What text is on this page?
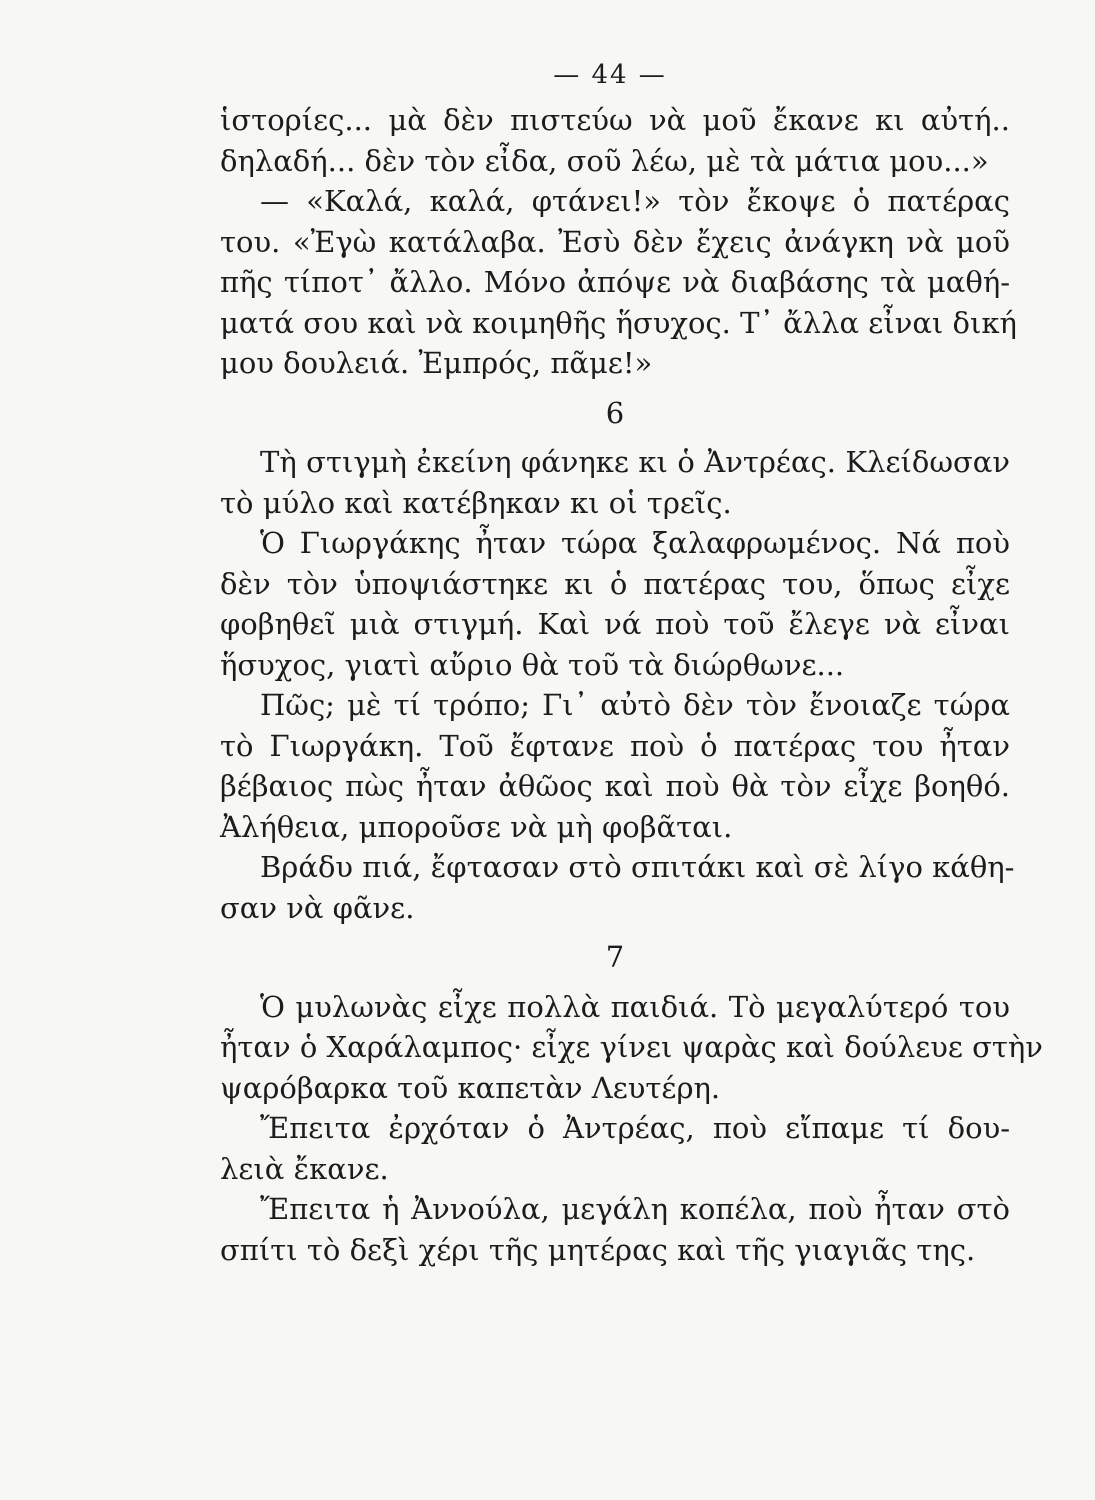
— 44 —
ἱστορίες... μὰ δὲν πιστεύω νὰ μοῦ ἔκανε κι αὐτή..
δηλαδή... δὲν τὸν εἶδα, σοῦ λέω, μὲ τὰ μάτια μου...»
— «Καλά, καλά, φτάνει!» τὸν ἔκοψε ὁ πατέρας
του. «Ἐγὼ κατάλαβα. Ἐσὺ δὲν ἔχεις ἀνάγκη νὰ μοῦ
πῆς τίποτ᾽ ἄλλο. Μόνο ἀπόψε νὰ διαβάσης τὰ μαθή-
ματά σου καὶ νὰ κοιμηθῆς ἥσυχος. Τ᾽ ἄλλα εἶναι δική
μου δουλειά. Ἐμπρός, πᾶμε!»
6
Τὴ στιγμὴ ἐκείνη φάνηκε κι ὁ Ἀντρέας. Κλείδωσαν
τὸ μύλο καὶ κατέβηκαν κι οἱ τρεῖς.
Ὁ Γιωργάκης ἦταν τώρα ξαλαφρωμένος. Νά ποὺ
δὲν τὸν ὑποψιάστηκε κι ὁ πατέρας του, ὅπως εἶχε
φοβηθεῖ μιὰ στιγμή. Καὶ νά ποὺ τοῦ ἔλεγε νὰ εἶναι
ἥσυχος, γιατὶ αὔριο θὰ τοῦ τὰ διώρθωνε...
Πῶς; μὲ τί τρόπο; Γι᾽ αὐτὸ δὲν τὸν ἔνοιαζε τώρα
τὸ Γιωργάκη. Τοῦ ἔφτανε ποὺ ὁ πατέρας του ἦταν
βέβαιος πὼς ἦταν ἀθῶος καὶ ποὺ θὰ τὸν εἶχε βοηθό.
Ἀλήθεια, μποροῦσε νὰ μὴ φοβᾶται.
Βράδυ πιά, ἔφτασαν στὸ σπιτάκι καὶ σὲ λίγο κάθη-
σαν νὰ φᾶνε.
7
Ὁ μυλωνὰς εἶχε πολλὰ παιδιά. Τὸ μεγαλύτερό του
ἦταν ὁ Χαράλαμπος· εἶχε γίνει ψαρὰς καὶ δούλευε στὴν
ψαρόβαρκα τοῦ καπετὰν Λευτέρη.
Ἔπειτα ἐρχόταν ὁ Ἀντρέας, ποὺ εἴπαμε τί δου-
λειὰ ἔκανε.
Ἔπειτα ἡ Ἀννούλα, μεγάλη κοπέλα, ποὺ ἦταν στὸ
σπίτι τὸ δεξὶ χέρι τῆς μητέρας καὶ τῆς γιαγιᾶς της.
